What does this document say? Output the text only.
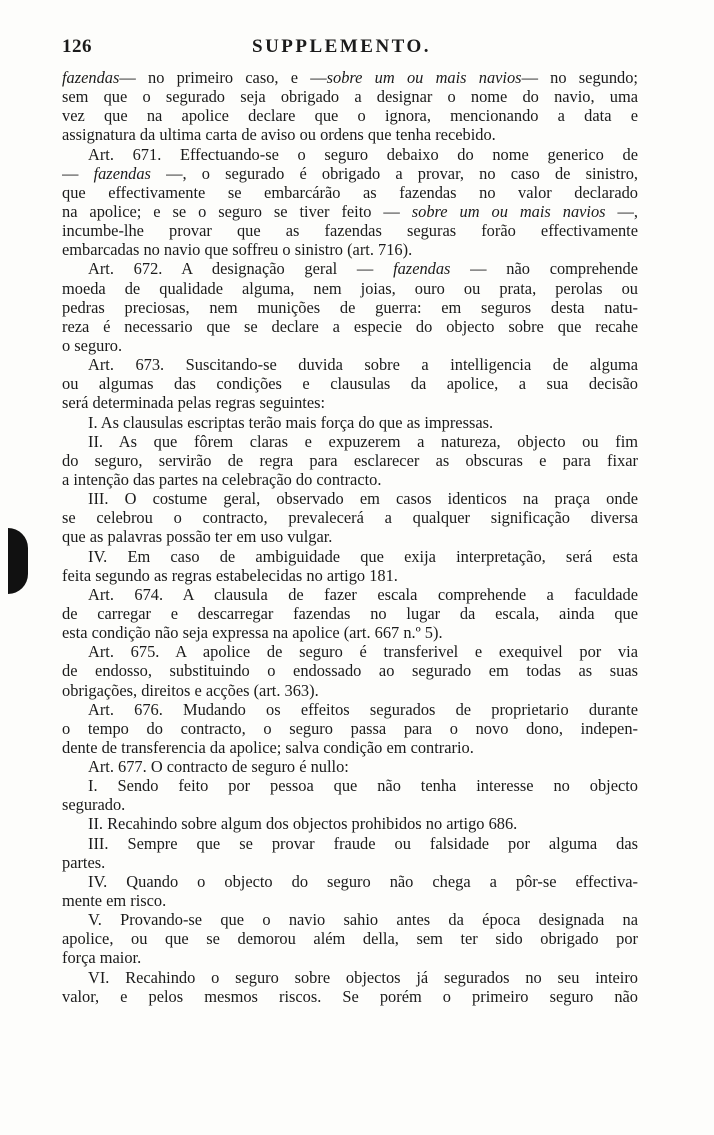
126	SUPPLEMENTO.
fazendas— no primeiro caso, e —sobre um ou mais navios— no segundo;
sem que o segurado seja obrigado a designar o nome do navio, uma
vez que na apolice declare que o ignora, mencionando a data e
assignatura da ultima carta de aviso ou ordens que tenha recebido.
Art. 671. Effectuando-se o seguro debaixo do nome generico de
— fazendas —, o segurado é obrigado a provar, no caso de sinistro,
que effectivamente se embarcárão as fazendas no valor declarado
na apolice; e se o seguro se tiver feito — sobre um ou mais navios —,
incumbe-lhe provar que as fazendas seguras forão effectivamente
embarcadas no navio que soffreu o sinistro (art. 716).
Art. 672. A designação geral — fazendas — não comprehende
moeda de qualidade alguma, nem joias, ouro ou prata, perolas ou
pedras preciosas, nem munições de guerra: em seguros desta natu-
reza é necessario que se declare a especie do objecto sobre que recahe
o seguro.
Art. 673. Suscitando-se duvida sobre a intelligencia de alguma
ou algumas das condições e clausulas da apolice, a sua decisão
será determinada pelas regras seguintes:
I. As clausulas escriptas terão mais força do que as impressas.
II. As que fôrem claras e expuzerem a natureza, objecto ou fim
do seguro, servirão de regra para esclarecer as obscuras e para fixar
a intenção das partes na celebração do contracto.
III. O costume geral, observado em casos identicos na praça onde
se celebrou o contracto, prevalecerá a qualquer significação diversa
que as palavras possão ter em uso vulgar.
IV. Em caso de ambiguidade que exija interpretação, será esta
feita segundo as regras estabelecidas no artigo 181.
Art. 674. A clausula de fazer escala comprehende a faculdade
de carregar e descarregar fazendas no lugar da escala, ainda que
esta condição não seja expressa na apolice (art. 667 n.º 5).
Art. 675. A apolice de seguro é transferivel e exequivel por via
de endosso, substituindo o endossado ao segurado em todas as suas
obrigações, direitos e acções (art. 363).
Art. 676. Mudando os effeitos segurados de proprietario durante
o tempo do contracto, o seguro passa para o novo dono, indepen-
dente de transferencia da apolice; salva condição em contrario.
Art. 677. O contracto de seguro é nullo:
I. Sendo feito por pessoa que não tenha interesse no objecto
segurado.
II. Recahindo sobre algum dos objectos prohibidos no artigo 686.
III. Sempre que se provar fraude ou falsidade por alguma das
partes.
IV. Quando o objecto do seguro não chega a pôr-se effectiva-
mente em risco.
V. Provando-se que o navio sahio antes da época designada na
apolice, ou que se demorou além della, sem ter sido obrigado por
força maior.
VI. Recahindo o seguro sobre objectos já segurados no seu inteiro
valor, e pelos mesmos riscos. Se porém o primeiro seguro não
